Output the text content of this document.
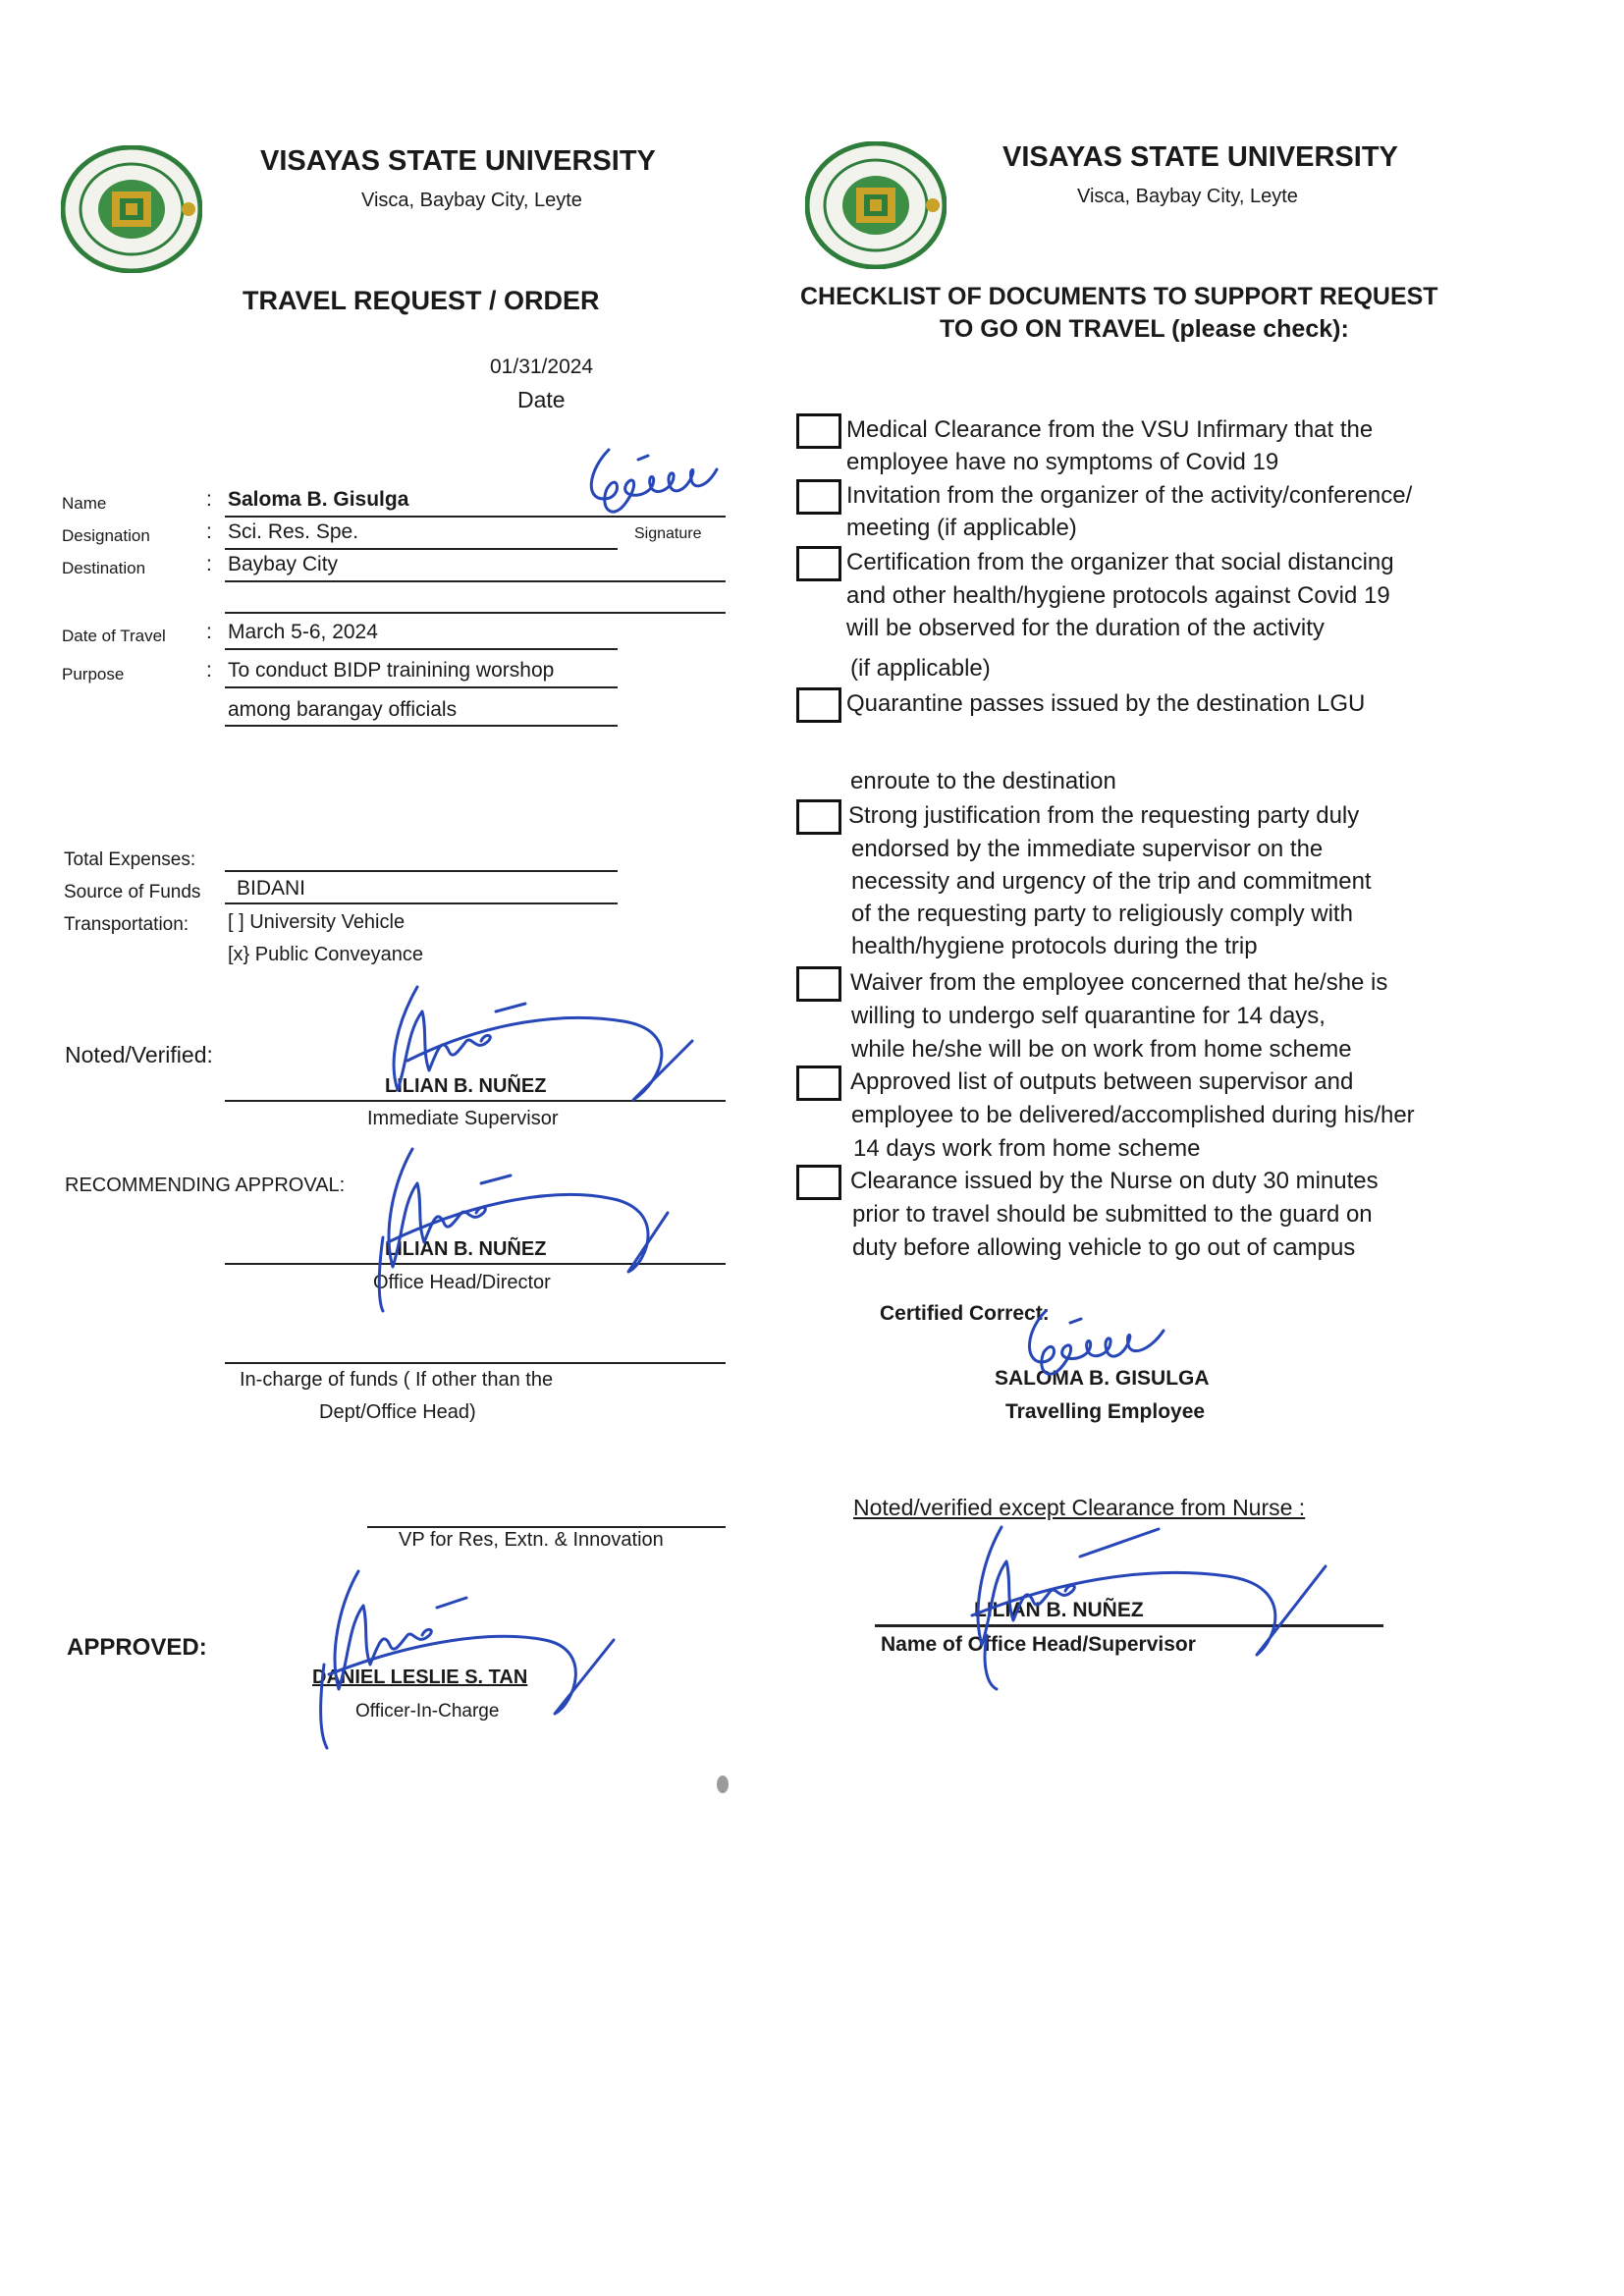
VISAYAS STATE UNIVERSITY
Visca, Baybay City, Leyte
TRAVEL REQUEST / ORDER
VISAYAS STATE UNIVERSITY
Visca, Baybay City, Leyte
CHECKLIST OF DOCUMENTS TO SUPPORT REQUEST
TO GO ON TRAVEL (please check):
01/31/2024
Date
Name	: Saloma B. Gisulga
Signature
Designation	: Sci. Res. Spe.
Destination	: Baybay City
Date of Travel : March 5-6, 2024
Purpose	: To conduct BIDP trainining worshop
among barangay officials
Total Expenses:
Source of Funds BIDANI
Transportation: [ ] University Vehicle
[x} Public Conveyance
Noted/Verified:
LILIAN B. NUÑEZ
Immediate Supervisor
RECOMMENDING APPROVAL:
LILIAN B. NUÑEZ
Office Head/Director
In-charge of funds ( If other than the
Dept/Office Head)
VP for Res, Extn. & Innovation
APPROVED:
DANIEL LESLIE S. TAN
Officer-In-Charge
Medical Clearance from the VSU Infirmary that the
employee have no symptoms of Covid 19
Invitation from the organizer of the activity/conference/
meeting (if applicable)
Certification from the organizer that social distancing
and other health/hygiene protocols against Covid 19
will be observed for the duration of the activity
(if applicable)
Quarantine passes issued by the destination LGU
enroute to the destination
Strong justification from the requesting party duly
endorsed by the immediate supervisor on the
necessity and urgency of the trip and commitment
of the requesting party to religiously comply with
health/hygiene protocols during the trip
Waiver from the employee concerned that he/she is
willing to undergo self quarantine for 14 days,
while he/she will be on work from home scheme
Approved list of outputs between supervisor and
employee to be delivered/accomplished during his/her
14 days work from home scheme
Clearance issued by the Nurse on duty 30 minutes
prior to travel should be submitted to the guard on
duty before allowing vehicle to go out of campus
Certified Correct:
SALOMA B. GISULGA
Travelling Employee
Noted/verified except Clearance from Nurse :
LILIAN B. NUÑEZ
Name of Office Head/Supervisor
